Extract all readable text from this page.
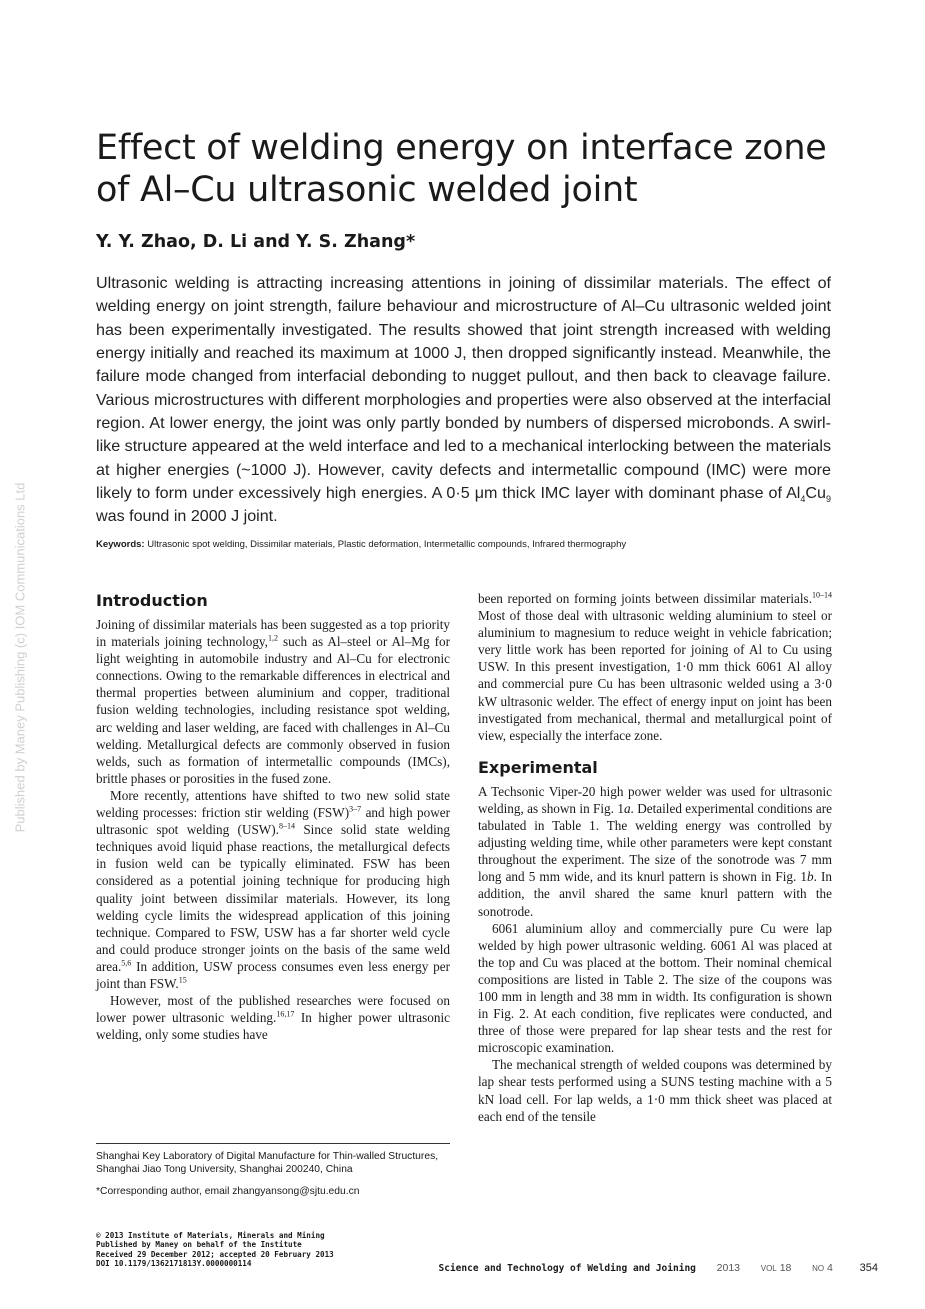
Published by Maney Publishing (c) IOM Communications Ltd
Effect of welding energy on interface zone of Al–Cu ultrasonic welded joint
Y. Y. Zhao, D. Li and Y. S. Zhang*

Ultrasonic welding is attracting increasing attentions in joining of dissimilar materials. The effect of welding energy on joint strength, failure behaviour and microstructure of Al–Cu ultrasonic welded joint has been experimentally investigated. The results showed that joint strength increased with welding energy initially and reached its maximum at 1000 J, then dropped significantly instead. Meanwhile, the failure mode changed from interfacial debonding to nugget pullout, and then back to cleavage failure. Various microstructures with different morphologies and properties were also observed at the interfacial region. At lower energy, the joint was only partly bonded by numbers of dispersed microbonds. A swirl-like structure appeared at the weld interface and led to a mechanical interlocking between the materials at higher energies (~1000 J). However, cavity defects and intermetallic compound (IMC) were more likely to form under excessively high energies. A 0·5 μm thick IMC layer with dominant phase of $Al_4Cu_9$ was found in 2000 J joint.

Keywords: Ultrasonic spot welding, Dissimilar materials, Plastic deformation, Intermetallic compounds, Infrared thermography

Introduction

Joining of dissimilar materials has been suggested as a top priority in materials joining technology,$^{1,2}$ such as Al–steel or Al–Mg for light weighting in automobile industry and Al–Cu for electronic connections. Owing to the remarkable differences in electrical and thermal properties between aluminium and copper, traditional fusion welding technologies, including resistance spot welding, arc welding and laser welding, are faced with challenges in Al–Cu welding. Metallurgical defects are commonly observed in fusion welds, such as formation of intermetallic compounds (IMCs), brittle phases or porosities in the fused zone.

More recently, attentions have shifted to two new solid state welding processes: friction stir welding (FSW)$^{3-7}$ and high power ultrasonic spot welding (USW).$^{8-14}$ Since solid state welding techniques avoid liquid phase reactions, the metallurgical defects in fusion weld can be typically eliminated. FSW has been considered as a potential joining technique for producing high quality joint between dissimilar materials. However, its long welding cycle limits the widespread application of this joining technique. Compared to FSW, USW has a far shorter weld cycle and could produce stronger joints on the basis of the same weld area.$^{5,6}$ In addition, USW process consumes even less energy per joint than FSW.$^{15}$

However, most of the published researches were focused on lower power ultrasonic welding.$^{16,17}$ In higher power ultrasonic welding, only some studies have

Shanghai Key Laboratory of Digital Manufacture for Thin-walled Structures, Shanghai Jiao Tong University, Shanghai 200240, China

*Corresponding author, email zhangyansong@sjtu.edu.cn

been reported on forming joints between dissimilar materials.$^{10-14}$ Most of those deal with ultrasonic welding aluminium to steel or aluminium to magnesium to reduce weight in vehicle fabrication; very little work has been reported for joining of Al to Cu using USW. In this present investigation, 1·0 mm thick 6061 Al alloy and commercial pure Cu has been ultrasonic welded using a 3·0 kW ultrasonic welder. The effect of energy input on joint has been investigated from mechanical, thermal and metallurgical point of view, especially the interface zone.

Experimental

A Techsonic Viper-20 high power welder was used for ultrasonic welding, as shown in Fig. 1a. Detailed experimental conditions are tabulated in Table 1. The welding energy was controlled by adjusting welding time, while other parameters were kept constant throughout the experiment. The size of the sonotrode was 7 mm long and 5 mm wide, and its knurl pattern is shown in Fig. 1b. In addition, the anvil shared the same knurl pattern with the sonotrode.

6061 aluminium alloy and commercially pure Cu were lap welded by high power ultrasonic welding. 6061 Al was placed at the top and Cu was placed at the bottom. Their nominal chemical compositions are listed in Table 2. The size of the coupons was 100 mm in length and 38 mm in width. Its configuration is shown in Fig. 2. At each condition, five replicates were conducted, and three of those were prepared for lap shear tests and the rest for microscopic examination.

The mechanical strength of welded coupons was determined by lap shear tests performed using a SUNS testing machine with a 5 kN load cell. For lap welds, a 1·0 mm thick sheet was placed at each end of the tensile

© 2013 Institute of Materials, Minerals and Mining
Published by Maney on behalf of the Institute
Received 29 December 2012; accepted 20 February 2013
DOI 10.1179/1362171813Y.0000000114	Science and Technology of Welding and Joining 2013	VOL 18	NO 4 354
